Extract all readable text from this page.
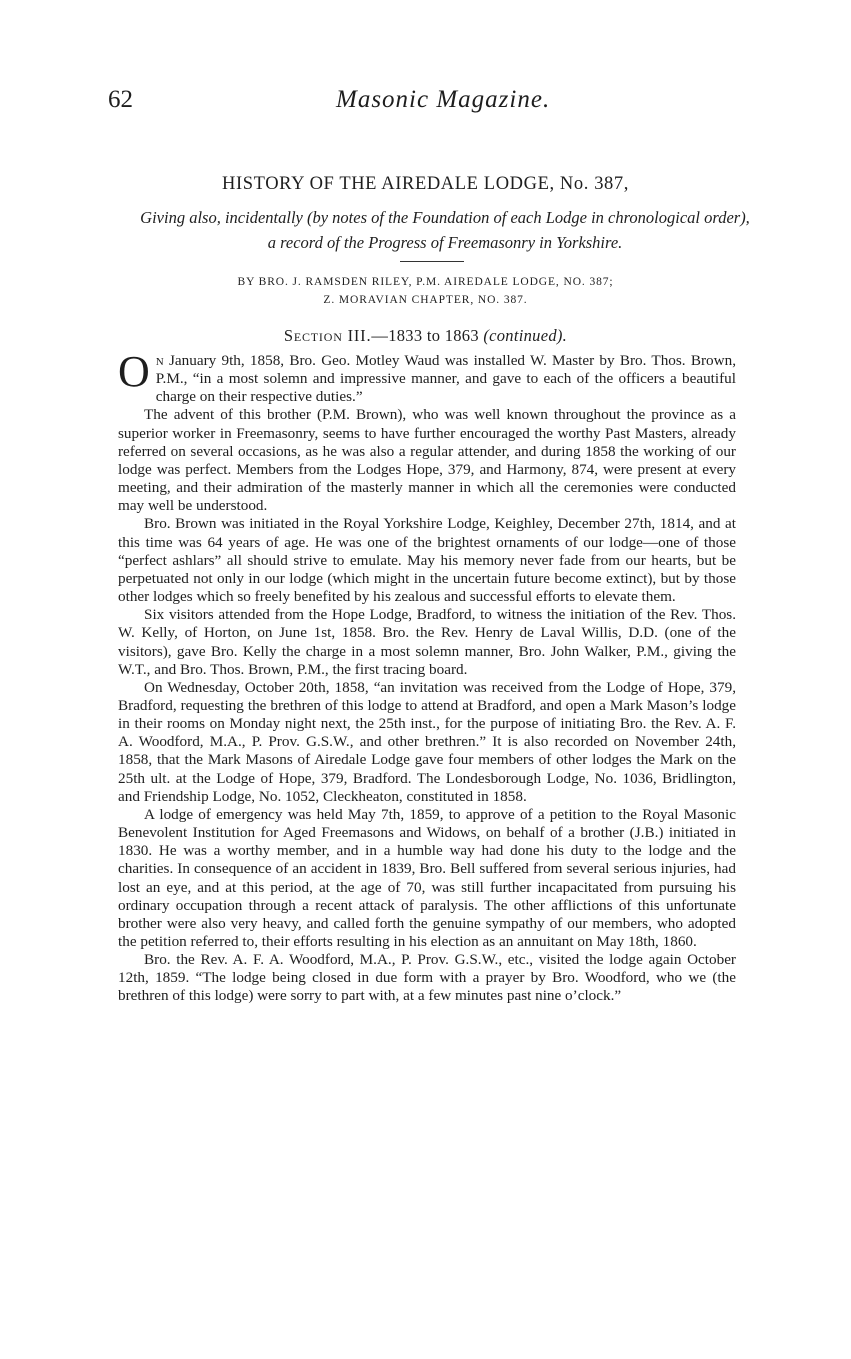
62	Masonic Magazine.
HISTORY OF THE AIREDALE LODGE, No. 387,
Giving also, incidentally (by notes of the Foundation of each Lodge in chronological order), a record of the Progress of Freemasonry in Yorkshire.
BY BRO. J. RAMSDEN RILEY, P.M. AIREDALE LODGE, NO. 387;
Z. MORAVIAN CHAPTER, NO. 387.
Section III.—1833 to 1863 (continued).

On January 9th, 1858, Bro. Geo. Motley Waud was installed W. Master by Bro. Thos. Brown, P.M., “in a most solemn and impressive manner, and gave to each of the officers a beautiful charge on their respective duties.”

The advent of this brother (P.M. Brown), who was well known throughout the province as a superior worker in Freemasonry, seems to have further encouraged the worthy Past Masters, already referred on several occasions, as he was also a regular attender, and during 1858 the working of our lodge was perfect. Members from the Lodges Hope, 379, and Harmony, 874, were present at every meeting, and their admiration of the masterly manner in which all the ceremonies were conducted may well be understood.

Bro. Brown was initiated in the Royal Yorkshire Lodge, Keighley, December 27th, 1814, and at this time was 64 years of age. He was one of the brightest ornaments of our lodge—one of those “perfect ashlars” all should strive to emulate. May his memory never fade from our hearts, but be perpetuated not only in our lodge (which might in the uncertain future become extinct), but by those other lodges which so freely benefited by his zealous and successful efforts to elevate them.

Six visitors attended from the Hope Lodge, Bradford, to witness the initiation of the Rev. Thos. W. Kelly, of Horton, on June 1st, 1858. Bro. the Rev. Henry de Laval Willis, D.D. (one of the visitors), gave Bro. Kelly the charge in a most solemn manner, Bro. John Walker, P.M., giving the W.T., and Bro. Thos. Brown, P.M., the first tracing board.

On Wednesday, October 20th, 1858, “an invitation was received from the Lodge of Hope, 379, Bradford, requesting the brethren of this lodge to attend at Bradford, and open a Mark Mason’s lodge in their rooms on Monday night next, the 25th inst., for the purpose of initiating Bro. the Rev. A. F. A. Woodford, M.A., P. Prov. G.S.W., and other brethren.” It is also recorded on November 24th, 1858, that the Mark Masons of Airedale Lodge gave four members of other lodges the Mark on the 25th ult. at the Lodge of Hope, 379, Bradford. The Londesborough Lodge, No. 1036, Bridlington, and Friendship Lodge, No. 1052, Cleckheaton, constituted in 1858.

A lodge of emergency was held May 7th, 1859, to approve of a petition to the Royal Masonic Benevolent Institution for Aged Freemasons and Widows, on behalf of a brother (J.B.) initiated in 1830. He was a worthy member, and in a humble way had done his duty to the lodge and the charities. In consequence of an accident in 1839, Bro. Bell suffered from several serious injuries, had lost an eye, and at this period, at the age of 70, was still further incapacitated from pursuing his ordinary occupation through a recent attack of paralysis. The other afflictions of this unfortunate brother were also very heavy, and called forth the genuine sympathy of our members, who adopted the petition referred to, their efforts resulting in his election as an annuitant on May 18th, 1860.

Bro. the Rev. A. F. A. Woodford, M.A., P. Prov. G.S.W., etc., visited the lodge again October 12th, 1859. “The lodge being closed in due form with a prayer by Bro. Woodford, who we (the brethren of this lodge) were sorry to part with, at a few minutes past nine o’clock.”
